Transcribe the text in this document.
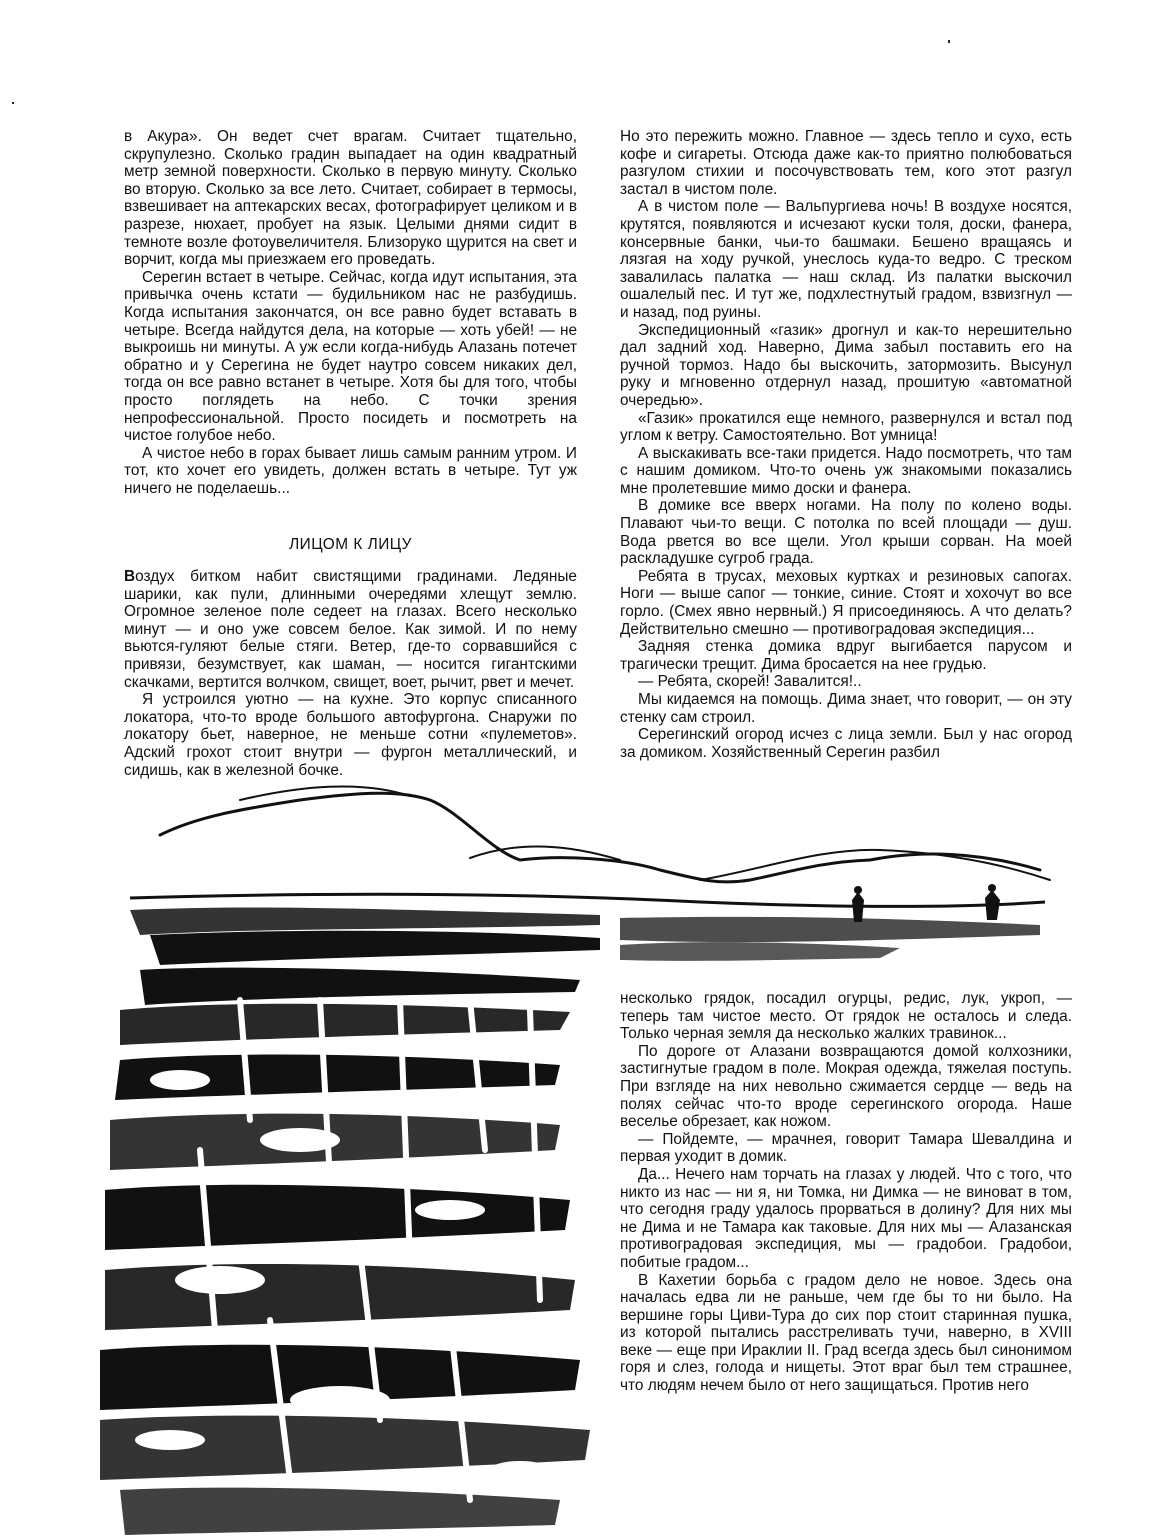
в Акура». Он ведет счет врагам. Считает тщательно, скрупулезно. Сколько градин выпадает на один квадратный метр земной поверхности. Сколько в первую минуту. Сколько во вторую. Сколько за все лето. Считает, собирает в термосы, взвешивает на аптекарских весах, фотографирует целиком и в разрезе, нюхает, пробует на язык. Целыми днями сидит в темноте возле фотоувеличителя. Близоруко щурится на свет и ворчит, когда мы приезжаем его проведать.

Серегин встает в четыре. Сейчас, когда идут испытания, эта привычка очень кстати — будильником нас не разбудишь. Когда испытания закончатся, он все равно будет вставать в четыре. Всегда найдутся дела, на которые — хоть убей! — не выкроишь ни минуты. А уж если когда-нибудь Алазань потечет обратно и у Серегина не будет наутро совсем никаких дел, тогда он все равно встанет в четыре. Хотя бы для того, чтобы просто поглядеть на небо. С точки зрения непрофессиональной. Просто посидеть и посмотреть на чистое голубое небо.

А чистое небо в горах бывает лишь самым ранним утром. И тот, кто хочет его увидеть, должен встать в четыре. Тут уж ничего не поделаешь...

ЛИЦОМ К ЛИЦУ

Воздух битком набит свистящими градинами. Ледяные шарики, как пули, длинными очередями хлещут землю. Огромное зеленое поле седеет на глазах. Всего несколько минут — и оно уже совсем белое. Как зимой. И по нему вьются-гуляют белые стяги. Ветер, где-то сорвавшийся с привязи, безумствует, как шаман, — носится гигантскими скачками, вертится волчком, свищет, воет, рычит, рвет и мечет.

Я устроился уютно — на кухне. Это корпус списанного локатора, что-то вроде большого автофургона. Снаружи по локатору бьет, наверное, не меньше сотни «пулеметов». Адский грохот стоит внутри — фургон металлический, и сидишь, как в железной бочке.

Но это пережить можно. Главное — здесь тепло и сухо, есть кофе и сигареты. Отсюда даже как-то приятно полюбоваться разгулом стихии и посочувствовать тем, кого этот разгул застал в чистом поле.

А в чистом поле — Вальпургиева ночь! В воздухе носятся, крутятся, появляются и исчезают куски толя, доски, фанера, консервные банки, чьи-то башмаки. Бешено вращаясь и лязгая на ходу ручкой, унеслось куда-то ведро. С треском завалилась палатка — наш склад. Из палатки выскочил ошалелый пес. И тут же, подхлестнутый градом, взвизгнул — и назад, под руины.

Экспедиционный «газик» дрогнул и как-то нерешительно дал задний ход. Наверно, Дима забыл поставить его на ручной тормоз. Надо бы выскочить, затормозить. Высунул руку и мгновенно отдернул назад, прошитую «автоматной очередью».

«Газик» прокатился еще немного, развернулся и встал под углом к ветру. Самостоятельно. Вот умница!

А выскакивать все-таки придется. Надо посмотреть, что там с нашим домиком. Что-то очень уж знакомыми показались мне пролетевшие мимо доски и фанера.

В домике все вверх ногами. На полу по колено воды. Плавают чьи-то вещи. С потолка по всей площади — душ. Вода рвется во все щели. Угол крыши сорван. На моей раскладушке сугроб града.

Ребята в трусах, меховых куртках и резиновых сапогах. Ноги — выше сапог — тонкие, синие. Стоят и хохочут во все горло. (Смех явно нервный.) Я присоединяюсь. А что делать? Действительно смешно — противоградовая экспедиция...

Задняя стенка домика вдруг выгибается парусом и трагически трещит. Дима бросается на нее грудью.

— Ребята, скорей! Завалится!..

Мы кидаемся на помощь. Дима знает, что говорит, — он эту стенку сам строил.

Серегинский огород исчез с лица земли. Был у нас огород за домиком. Хозяйственный Серегин разбил

несколько грядок, посадил огурцы, редис, лук, укроп, — теперь там чистое место. От грядок не осталось и следа. Только черная земля да несколько жалких травинок...

По дороге от Алазани возвращаются домой колхозники, застигнутые градом в поле. Мокрая одежда, тяжелая поступь. При взгляде на них невольно сжимается сердце — ведь на полях сейчас что-то вроде серегинского огорода. Наше веселье обрезает, как ножом.

— Пойдемте, — мрачнея, говорит Тамара Шевалдина и первая уходит в домик.

Да... Нечего нам торчать на глазах у людей. Что с того, что никто из нас — ни я, ни Томка, ни Димка — не виноват в том, что сегодня граду удалось прорваться в долину? Для них мы не Дима и не Тамара как таковые. Для них мы — Алазанская противоградовая экспедиция, мы — градобои. Градобои, побитые градом...

В Кахетии борьба с градом дело не новое. Здесь она началась едва ли не раньше, чем где бы то ни было. На вершине горы Циви-Тура до сих пор стоит старинная пушка, из которой пытались расстреливать тучи, наверно, в XVIII веке — еще при Ираклии II. Град всегда здесь был синонимом горя и слез, голода и нищеты. Этот враг был тем страшнее, что людям нечем было от него защищаться. Против него
